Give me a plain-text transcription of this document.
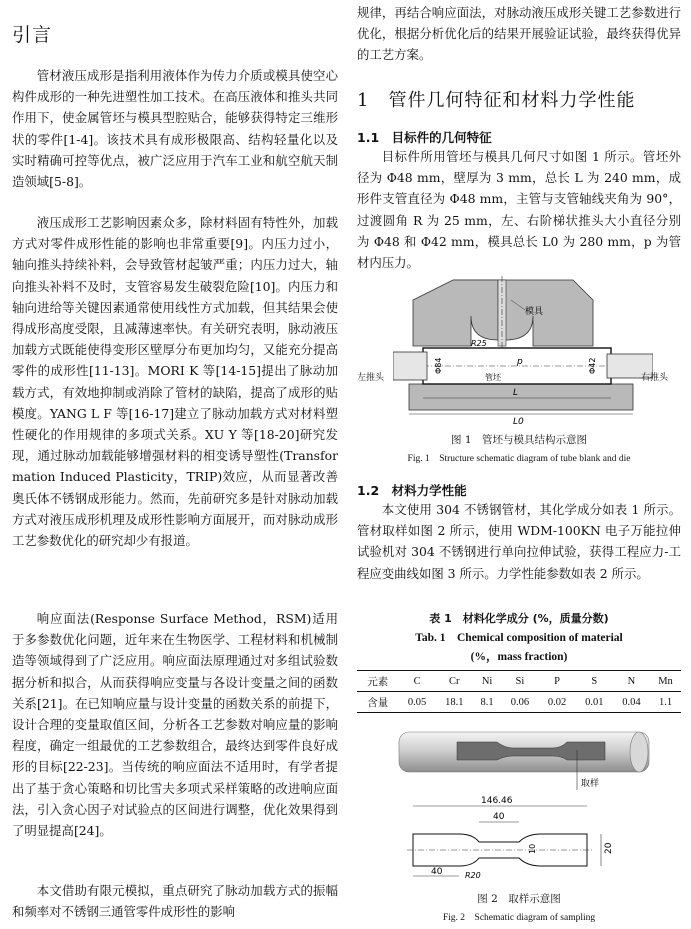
引言

管材液压成形是指利用液体作为传力介质或模具使空心构件成形的一种先进塑性加工技术。在高压液体和推头共同作用下，使金属管坯与模具型腔贴合，能够获得特定三维形状的零件[1-4]。该技术具有成形极限高、结构轻量化以及实时精确可控等优点，被广泛应用于汽车工业和航空航天制造领域[5-8]。

液压成形工艺影响因素众多，除材料固有特性外，加载方式对零件成形性能的影响也非常重要[9]。内压力过小，轴向推头持续补料，会导致管材起皱严重；内压力过大，轴向推头补料不及时，支管容易发生破裂危险[10]。内压力和轴向进给等关键因素通常使用线性方式加载，但其结果会使得成形高度受限，且减薄速率快。有关研究表明，脉动液压加载方式既能使得变形区壁厚分布更加均匀，又能充分提高零件的成形性[11-13]。MORI K 等[14-15]提出了脉动加载方式，有效地抑制或消除了管材的缺陷，提高了成形的贴模度。YANG L F 等[16-17]建立了脉动加载方式对材料塑性硬化的作用规律的多项式关系。XU Y 等[18-20]研究发现，通过脉动加载能够增强材料的相变诱导塑性(Transformation Induced Plasticity，TRIP)效应，从而显著改善奥氏体不锈钢成形能力。然而，先前研究多是针对脉动加载方式对液压成形机理及成形性影响方面展开，而对脉动成形工艺参数优化的研究却少有报道。

响应面法(Response Surface Method，RSM)适用于多参数优化问题，近年来在生物医学、工程材料和机械制造等领域得到了广泛应用。响应面法原理通过对多组试验数据分析和拟合，从而获得响应变量与各设计变量之间的函数关系[21]。在已知响应量与设计变量的函数关系的前提下，设计合理的变量取值区间，分析各工艺参数对响应量的影响程度，确定一组最优的工艺参数组合，最终达到零件良好成形的目标[22-23]。当传统的响应面法不适用时，有学者提出了基于贪心策略和切比雪夫多项式采样策略的改进响应面法，引入贪心因子对试验点的区间进行调整，优化效果得到了明显提高[24]。

本文借助有限元模拟，重点研究了脉动加载方式的振幅和频率对不锈钢三通管零件成形性的影响

规律，再结合响应面法，对脉动液压成形关键工艺参数进行优化，根据分析优化后的结果开展验证试验，最终获得优异的工艺方案。

1　管件几何特征和材料力学性能
1.1　目标件的几何特征

目标件所用管坯与模具几何尺寸如图 1 所示。管坯外径为 Φ48 mm，壁厚为 3 mm，总长 L 为 240 mm，成形件支管直径为 Φ48 mm，主管与支管轴线夹角为 90°，过渡圆角 R 为 25 mm，左、右阶梯状推头大小直径分别为 Φ48 和 Φ42 mm，模具总长 L0 为 280 mm，p 为管材内压力。

模具
R25
Φ84	Φ42
p
管坯
L
L0
左推头	右推头
图 1　管坯与模具结构示意图
Fig. 1　Structure schematic diagram of tube blank and die
1.2　材料力学性能

本文使用 304 不锈钢管材，其化学成分如表 1 所示。管材取样如图 2 所示，使用 WDM-100KN 电子万能拉伸试验机对 304 不锈钢进行单向拉伸试验，获得工程应力-工程应变曲线如图 3 所示。力学性能参数如表 2 所示。

表 1　材料化学成分 (%，质量分数)
Tab. 1　Chemical composition of material
(%，mass fraction)
元素	C	Cr	Ni	Si	P	S	N	Mn
含量	0.05	18.1	8.1	0.06	0.02	0.01	0.04	1.1
取样
146.46
40
40
20
10
R20
图 2　取样示意图
Fig. 2　Schematic diagram of sampling
